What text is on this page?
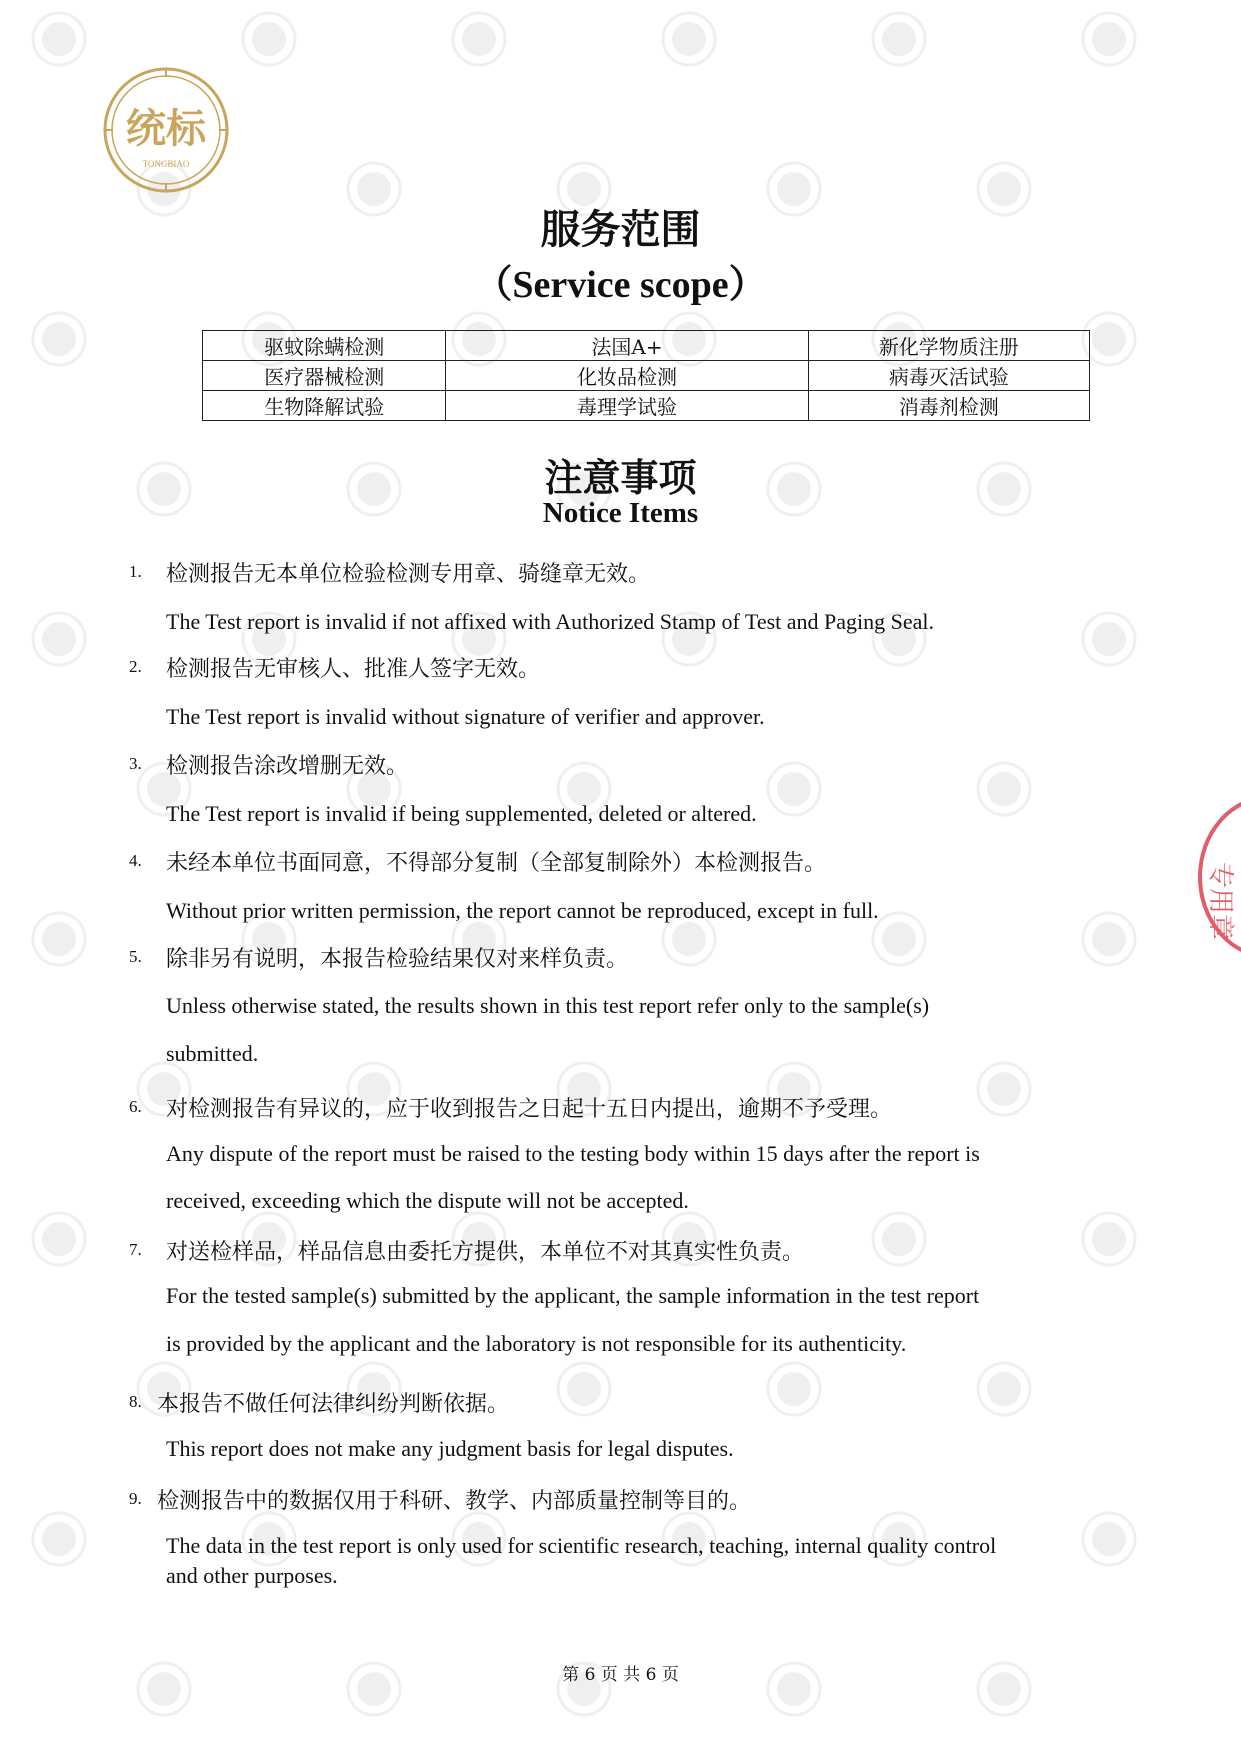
统标
TONGBIAO
专用章
服务范围
（Service scope）
驱蚊除螨检测	法国A+	新化学物质注册
医疗器械检测	化妆品检测	病毒灭活试验
生物降解试验	毒理学试验	消毒剂检测
注意事项
Notice Items
1. 检测报告无本单位检验检测专用章、骑缝章无效。
The Test report is invalid if not affixed with Authorized Stamp of Test and Paging Seal.
2. 检测报告无审核人、批准人签字无效。
The Test report is invalid without signature of verifier and approver.
3. 检测报告涂改增删无效。
The Test report is invalid if being supplemented, deleted or altered.
4. 未经本单位书面同意，不得部分复制（全部复制除外）本检测报告。
Without prior written permission, the report cannot be reproduced, except in full.
5. 除非另有说明，本报告检验结果仅对来样负责。
Unless otherwise stated, the results shown in this test report refer only to the sample(s)
submitted.
6. 对检测报告有异议的，应于收到报告之日起十五日内提出，逾期不予受理。
Any dispute of the report must be raised to the testing body within 15 days after the report is
received, exceeding which the dispute will not be accepted.
7. 对送检样品，样品信息由委托方提供，本单位不对其真实性负责。
For the tested sample(s) submitted by the applicant, the sample information in the test report
is provided by the applicant and the laboratory is not responsible for its authenticity.
8. 本报告不做任何法律纠纷判断依据。
This report does not make any judgment basis for legal disputes.
9. 检测报告中的数据仅用于科研、教学、内部质量控制等目的。
The data in the test report is only used for scientific research, teaching, internal quality control
and other purposes.
第 6 页 共 6 页
